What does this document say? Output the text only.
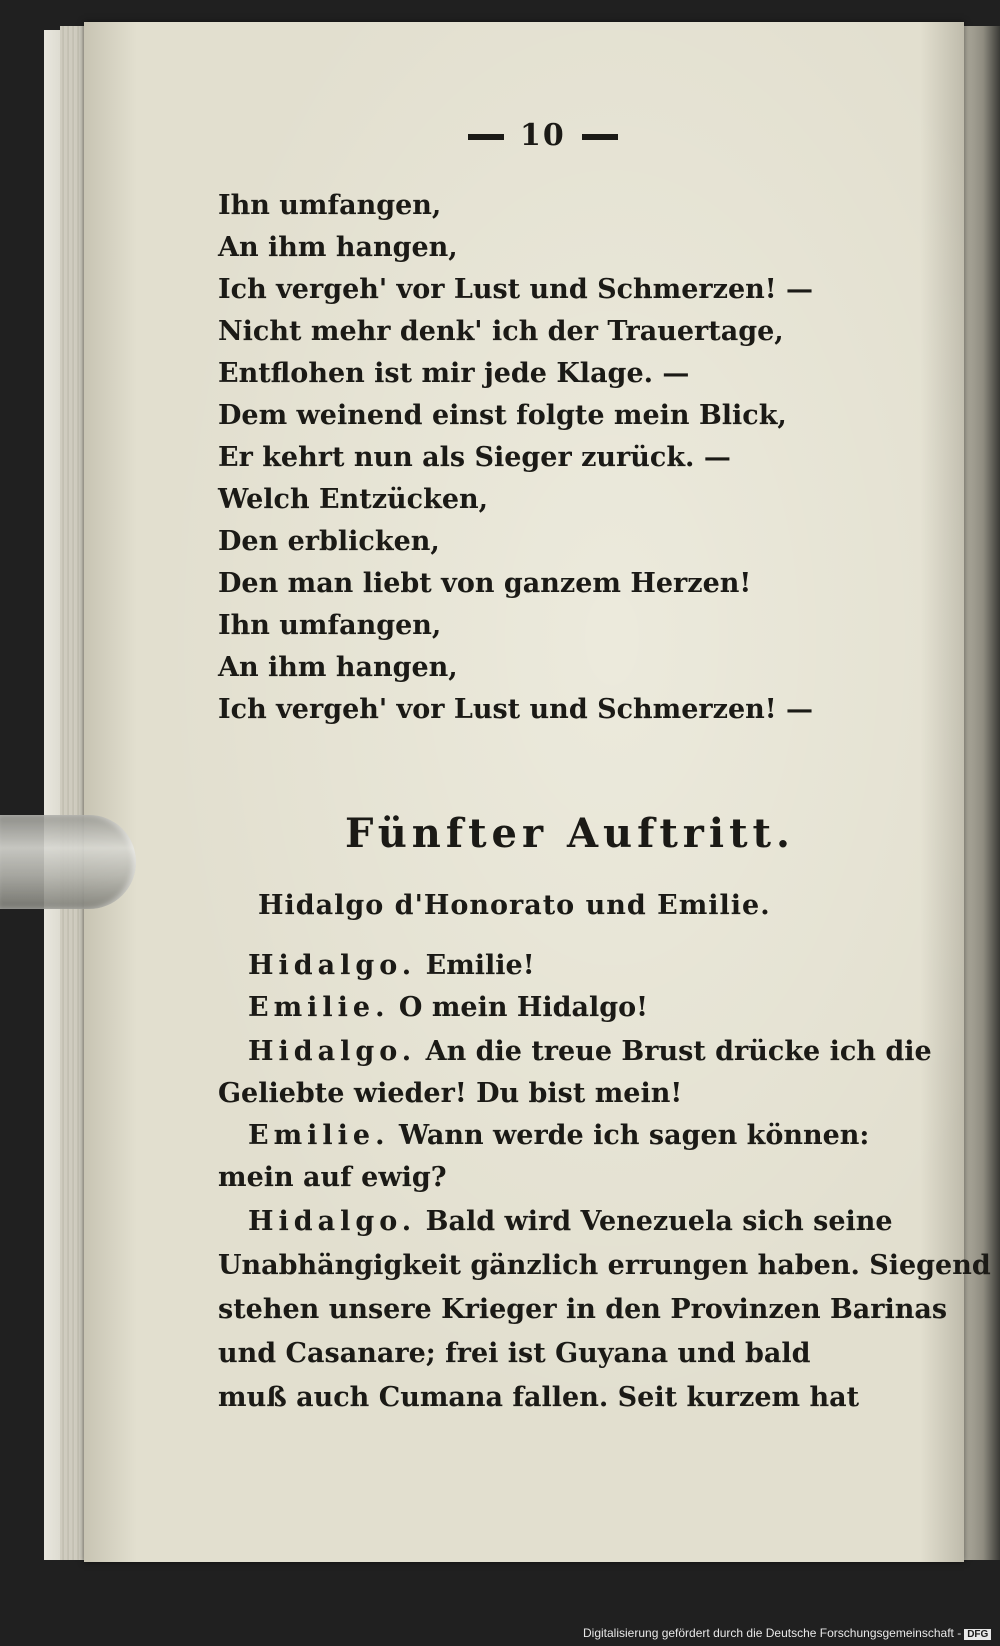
10
Ihn umfangen,
An ihm hangen,
Ich vergeh' vor Lust und Schmerzen! —
Nicht mehr denk' ich der Trauertage,
Entflohen ist mir jede Klage. —
Dem weinend einst folgte mein Blick,
Er kehrt nun als Sieger zurück. —
Welch Entzücken,
Den erblicken,
Den man liebt von ganzem Herzen!
Ihn umfangen,
An ihm hangen,
Ich vergeh' vor Lust und Schmerzen! —
Fünfter Auftritt.
Hidalgo d'Honorato und Emilie.
Hidalgo. Emilie!
Emilie. O mein Hidalgo!
Hidalgo. An die treue Brust drücke ich die
Geliebte wieder! Du bist mein!
Emilie. Wann werde ich sagen können:
mein auf ewig?
Hidalgo. Bald wird Venezuela sich seine
Unabhängigkeit gänzlich errungen haben. Siegend
stehen unsere Krieger in den Provinzen Barinas
und Casanare; frei ist Guyana und bald
muß auch Cumana fallen. Seit kurzem hat
Digitalisierung gefördert durch die Deutsche Forschungsgemeinschaft - DFG
